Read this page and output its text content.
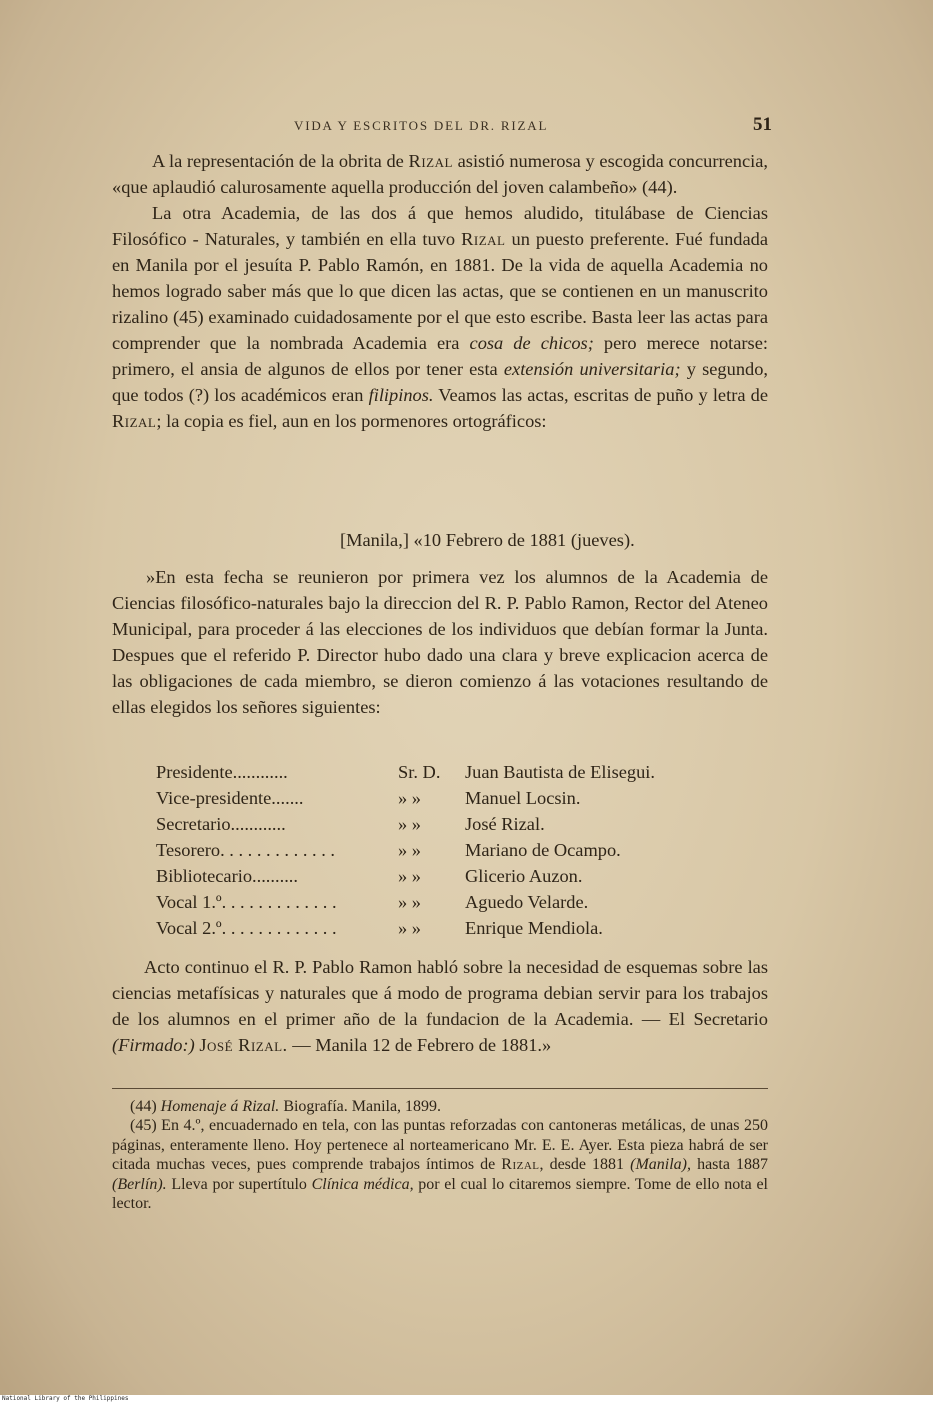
VIDA Y ESCRITOS DEL DR. RIZAL	51

A la representación de la obrita de Rizal asistió numerosa y escogida concurrencia, «que aplaudió calurosamente aquella producción del joven calambeño» (44).

La otra Academia, de las dos á que hemos aludido, titulábase de Ciencias Filosófico - Naturales, y también en ella tuvo Rizal un puesto preferente. Fué fundada en Manila por el jesuíta P. Pablo Ramón, en 1881. De la vida de aquella Academia no hemos logrado saber más que lo que dicen las actas, que se contienen en un manuscrito rizalino (45) examinado cuidadosamente por el que esto escribe. Basta leer las actas para comprender que la nombrada Academia era cosa de chicos; pero merece notarse: primero, el ansia de algunos de ellos por tener esta extensión universitaria; y segundo, que todos (?) los académicos eran filipinos. Veamos las actas, escritas de puño y letra de Rizal; la copia es fiel, aun en los pormenores ortográficos:

[Manila,] «10 Febrero de 1881 (jueves).

»En esta fecha se reunieron por primera vez los alumnos de la Academia de Ciencias filosófico-naturales bajo la direccion del R. P. Pablo Ramon, Rector del Ateneo Municipal, para proceder á las elecciones de los individuos que debían formar la Junta. Despues que el referido P. Director hubo dado una clara y breve explicacion acerca de las obligaciones de cada miembro, se dieron comienzo á las votaciones resultando de ellas elegidos los señores siguientes:

Presidente............	Sr. D.	Juan Bautista de Elisegui.
Vice-presidente.......	» »	Manuel Locsin.
Secretario............	» »	José Rizal.
Tesorero. . . . . . . . . . . . .	» »	Mariano de Ocampo.
Bibliotecario..........	» »	Glicerio Auzon.
Vocal 1.º. . . . . . . . . . . . .	» »	Aguedo Velarde.
Vocal 2.º. . . . . . . . . . . . .	» »	Enrique Mendiola.

Acto continuo el R. P. Pablo Ramon habló sobre la necesidad de esquemas sobre las ciencias metafísicas y naturales que á modo de programa debian servir para los trabajos de los alumnos en el primer año de la fundacion de la Academia. — El Secretario (Firmado:) José Rizal. — Manila 12 de Febrero de 1881.»

(44) Homenaje á Rizal. Biografía. Manila, 1899.

(45) En 4.º, encuadernado en tela, con las puntas reforzadas con cantoneras metálicas, de unas 250 páginas, enteramente lleno. Hoy pertenece al norteamericano Mr. E. E. Ayer. Esta pieza habrá de ser citada muchas veces, pues comprende trabajos íntimos de Rizal, desde 1881 (Manila), hasta 1887 (Berlín). Lleva por supertítulo Clínica médica, por el cual lo citaremos siempre. Tome de ello nota el lector.

National Library of the Philippines
